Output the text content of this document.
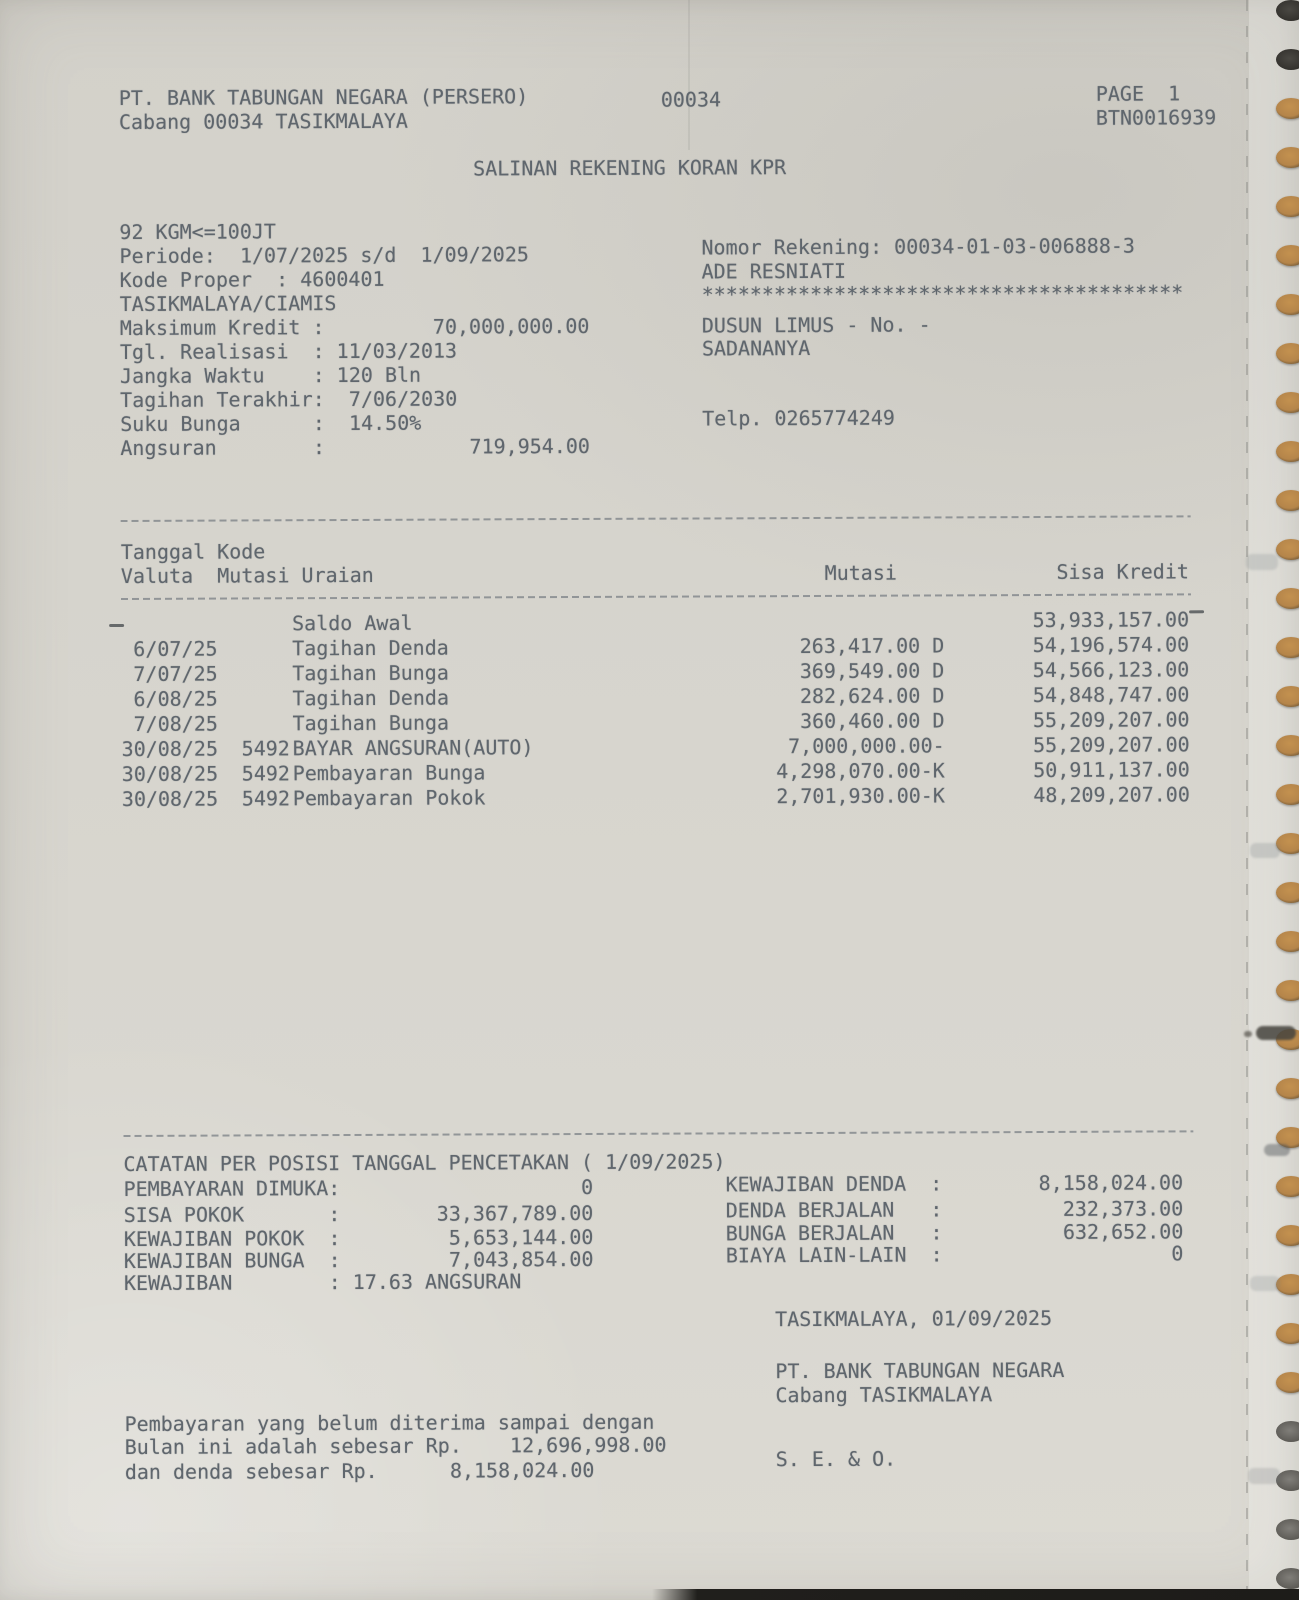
PT. BANK TABUNGAN NEGARA (PERSERO)
Cabang 00034 TASIKMALAYA
00034	PAGE  1
BTN0016939
SALINAN REKENING KORAN KPR
92 KGM<=100JT
Periode:  1/07/2025 s/d  1/09/2025
Kode Proper  : 4600401
TASIKMALAYA/CIAMIS
Maksimum Kredit :         70,000,000.00
Tgl. Realisasi  : 11/03/2013
Jangka Waktu    : 120 Bln
Tagihan Terakhir:  7/06/2030
Suku Bunga      :  14.50%
Angsuran        :            719,954.00
Nomor Rekening: 00034-01-03-006888-3
ADE RESNIATI
****************************************
DUSUN LIMUS - No. -
SADANANYA
Telp. 0265774249
Tanggal Kode
Valuta  Mutasi Uraian	Mutasi	Sisa Kredit
Saldo Awal	53,933,157.00
6/07/25	Tagihan Denda	263,417.00 D	54,196,574.00
7/07/25	Tagihan Bunga	369,549.00 D	54,566,123.00
6/08/25	Tagihan Denda	282,624.00 D	54,848,747.00
7/08/25	Tagihan Bunga	360,460.00 D	55,209,207.00
30/08/25 5492 BAYAR ANGSURAN(AUTO)	7,000,000.00-	55,209,207.00
30/08/25 5492 Pembayaran Bunga	4,298,070.00-K	50,911,137.00
30/08/25 5492 Pembayaran Pokok	2,701,930.00-K	48,209,207.00
CATATAN PER POSISI TANGGAL PENCETAKAN ( 1/09/2025)
PEMBAYARAN DIMUKA:                    0
SISA POKOK       :        33,367,789.00
KEWAJIBAN POKOK  :         5,653,144.00
KEWAJIBAN BUNGA  :         7,043,854.00
KEWAJIBAN        : 17.63 ANGSURAN
KEWAJIBAN DENDA  :        8,158,024.00
DENDA BERJALAN   :          232,373.00
BUNGA BERJALAN   :          632,652.00
BIAYA LAIN-LAIN  :                   0
TASIKMALAYA, 01/09/2025
PT. BANK TABUNGAN NEGARA
Cabang TASIKMALAYA
S. E. & O.
Pembayaran yang belum diterima sampai dengan
Bulan ini adalah sebesar Rp.    12,696,998.00
dan denda sebesar Rp.      8,158,024.00
